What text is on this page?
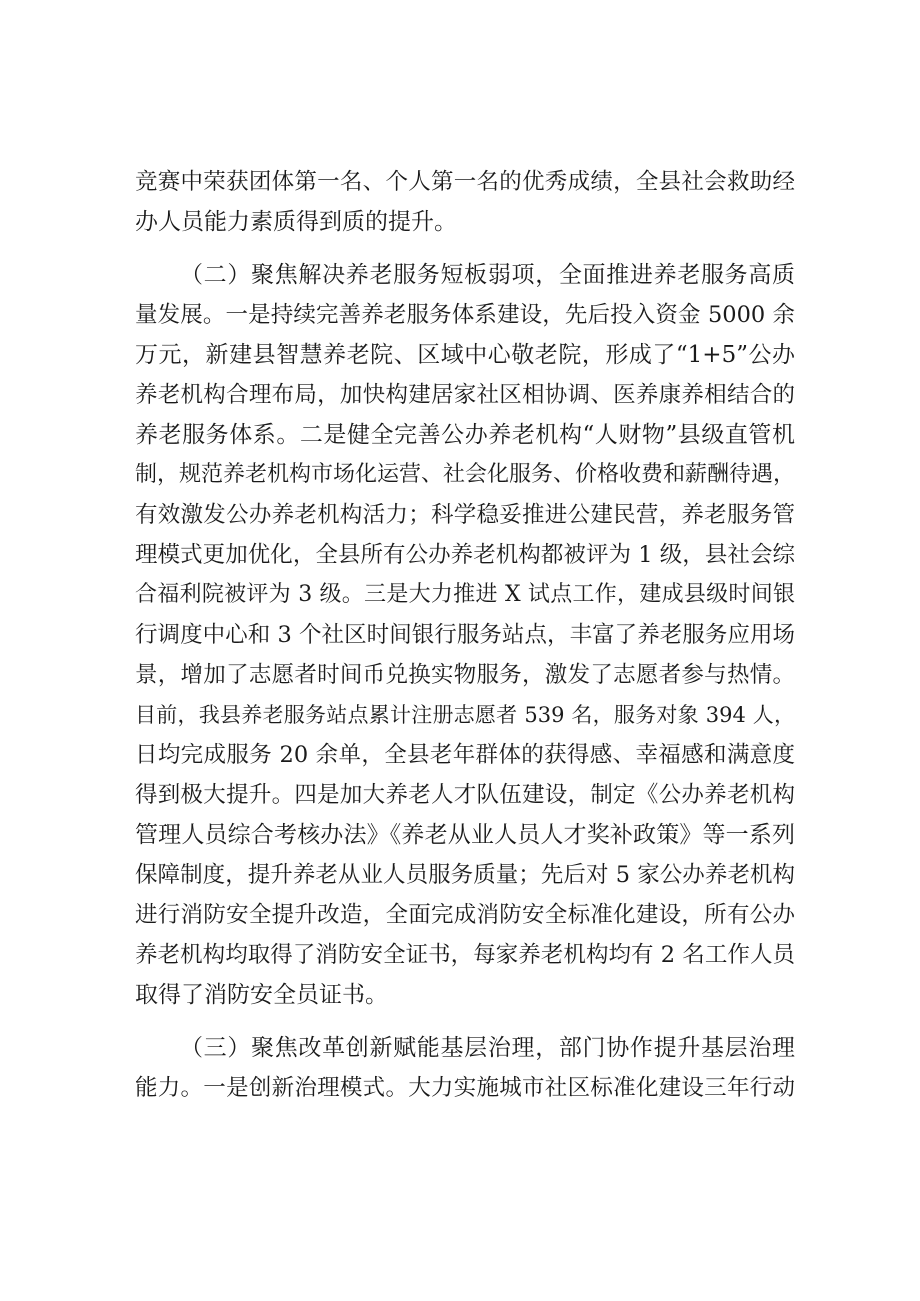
竞赛中荣获团体第一名、个人第一名的优秀成绩，全县社会救助经
办人员能力素质得到质的提升。
（二）聚焦解决养老服务短板弱项，全面推进养老服务高质
量发展。一是持续完善养老服务体系建设，先后投入资金 5000 余
万元，新建县智慧养老院、区域中心敬老院，形成了“1+5”公办
养老机构合理布局，加快构建居家社区相协调、医养康养相结合的
养老服务体系。二是健全完善公办养老机构“人财物”县级直管机
制，规范养老机构市场化运营、社会化服务、价格收费和薪酬待遇，
有效激发公办养老机构活力；科学稳妥推进公建民营，养老服务管
理模式更加优化，全县所有公办养老机构都被评为 1 级，县社会综
合福利院被评为 3 级。三是大力推进 X 试点工作，建成县级时间银
行调度中心和 3 个社区时间银行服务站点，丰富了养老服务应用场
景，增加了志愿者时间币兑换实物服务，激发了志愿者参与热情。
目前，我县养老服务站点累计注册志愿者 539 名，服务对象 394 人，
日均完成服务 20 余单，全县老年群体的获得感、幸福感和满意度
得到极大提升。四是加大养老人才队伍建设，制定《公办养老机构
管理人员综合考核办法》《养老从业人员人才奖补政策》等一系列
保障制度，提升养老从业人员服务质量；先后对 5 家公办养老机构
进行消防安全提升改造，全面完成消防安全标准化建设，所有公办
养老机构均取得了消防安全证书，每家养老机构均有 2 名工作人员
取得了消防安全员证书。
（三）聚焦改革创新赋能基层治理，部门协作提升基层治理
能力。一是创新治理模式。大力实施城市社区标准化建设三年行动
